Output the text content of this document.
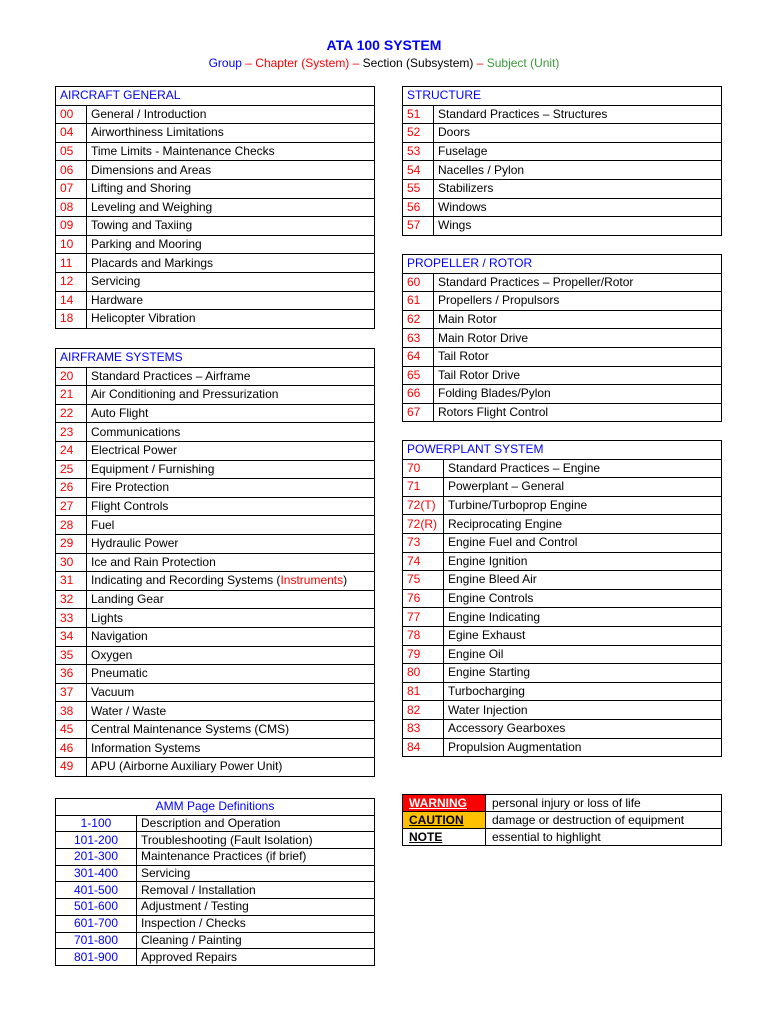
ATA 100 SYSTEM
Group – Chapter (System) – Section (Subsystem) – Subject (Unit)
AIRCRAFT GENERAL	
00	General / Introduction
04	Airworthiness Limitations
05	Time Limits - Maintenance Checks
06	Dimensions and Areas
07	Lifting and Shoring
08	Leveling and Weighing
09	Towing and Taxiing
10	Parking and Mooring
11	Placards and Markings
12	Servicing
14	Hardware
18	Helicopter Vibration
AIRFRAME SYSTEMS	
20	Standard Practices – Airframe
21	Air Conditioning and Pressurization
22	Auto Flight
23	Communications
24	Electrical Power
25	Equipment / Furnishing
26	Fire Protection
27	Flight Controls
28	Fuel
29	Hydraulic Power
30	Ice and Rain Protection
31	Indicating and Recording Systems (Instruments)
32	Landing Gear
33	Lights
34	Navigation
35	Oxygen
36	Pneumatic
37	Vacuum
38	Water / Waste
45	Central Maintenance Systems (CMS)
46	Information Systems
49	APU (Airborne Auxiliary Power Unit)
STRUCTURE	
51	Standard Practices – Structures
52	Doors
53	Fuselage
54	Nacelles / Pylon
55	Stabilizers
56	Windows
57	Wings
PROPELLER / ROTOR	
60	Standard Practices – Propeller/Rotor
61	Propellers / Propulsors
62	Main Rotor
63	Main Rotor Drive
64	Tail Rotor
65	Tail Rotor Drive
66	Folding Blades/Pylon
67	Rotors Flight Control
POWERPLANT SYSTEM	
70	Standard Practices – Engine
71	Powerplant – General
72(T)	Turbine/Turboprop Engine
72(R)	Reciprocating Engine
73	Engine Fuel and Control
74	Engine Ignition
75	Engine Bleed Air
76	Engine Controls
77	Engine Indicating
78	Egine Exhaust
79	Engine Oil
80	Engine Starting
81	Turbocharging
82	Water Injection
83	Accessory Gearboxes
84	Propulsion Augmentation
AMM Page Definitions	
1-100	Description and Operation
101-200	Troubleshooting (Fault Isolation)
201-300	Maintenance Practices (if brief)
301-400	Servicing
401-500	Removal / Installation
501-600	Adjustment / Testing
601-700	Inspection / Checks
701-800	Cleaning / Painting
801-900	Approved Repairs
WARNING	personal injury or loss of life
CAUTION	damage or destruction of equipment
NOTE	essential to highlight
